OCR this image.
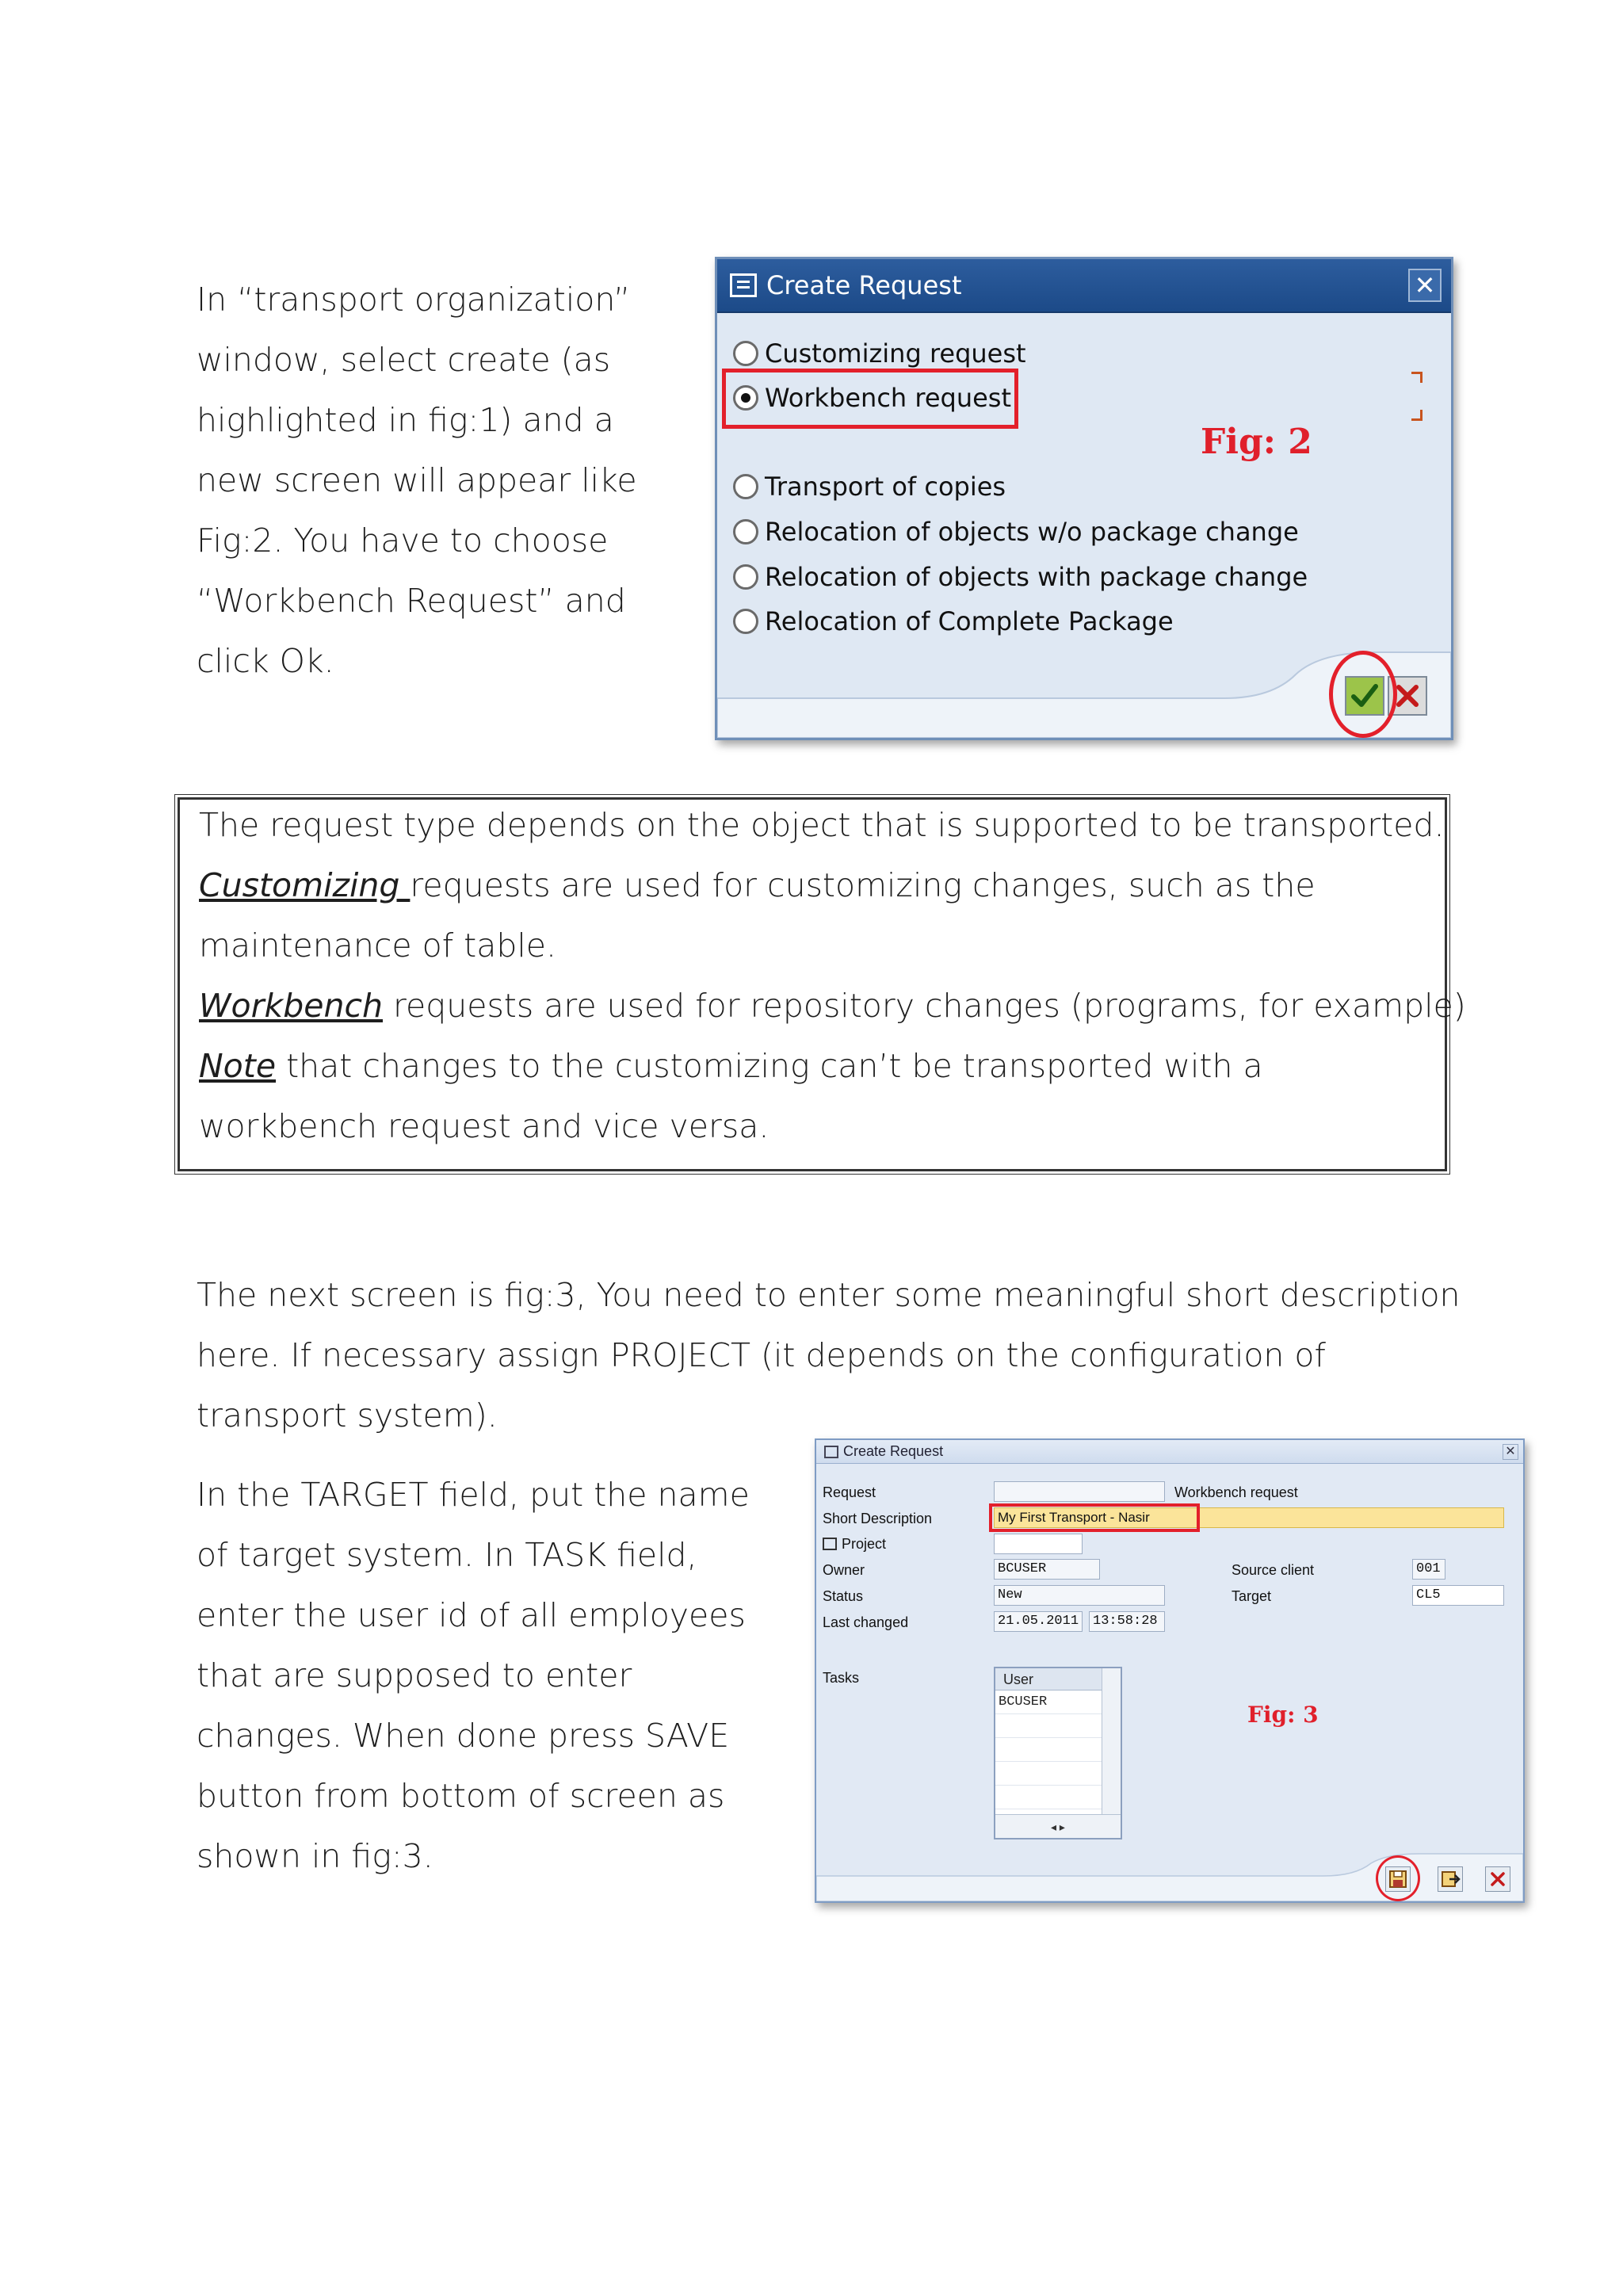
In “transport organization”
window, select create (as
highlighted in fig:1) and a
new screen will appear like
Fig:2. You have to choose
“Workbench Request” and
click Ok.
Create Request	✕
Customizing request
Workbench request
Transport of copies
Relocation of objects w/o package change
Relocation of objects with package change
Relocation of Complete Package
Fig: 2
The request type depends on the object that is supported to be transported.
Customizing requests are used for customizing changes, such as the
maintenance of table.
Workbench requests are used for repository changes (programs, for example)
Note that changes to the customizing can’t be transported with a
workbench request and vice versa.
The next screen is fig:3, You need to enter some meaningful short description
here. If necessary assign PROJECT (it depends on the configuration of
transport system).
In the TARGET field, put the name
of target system. In TASK field,
enter the user id of all employees
that are supposed to enter
changes. When done press SAVE
button from bottom of screen as
shown in fig:3.
Create Request	✕
Request	Workbench request
Short Description	My First Transport - Nasir
Project
Owner	BCUSER	Source client	001
Status	New	Target	CL5
Last changed	21.05.2011 13:58:28
Tasks	User
BCUSER
◂ ▸
Fig: 3
